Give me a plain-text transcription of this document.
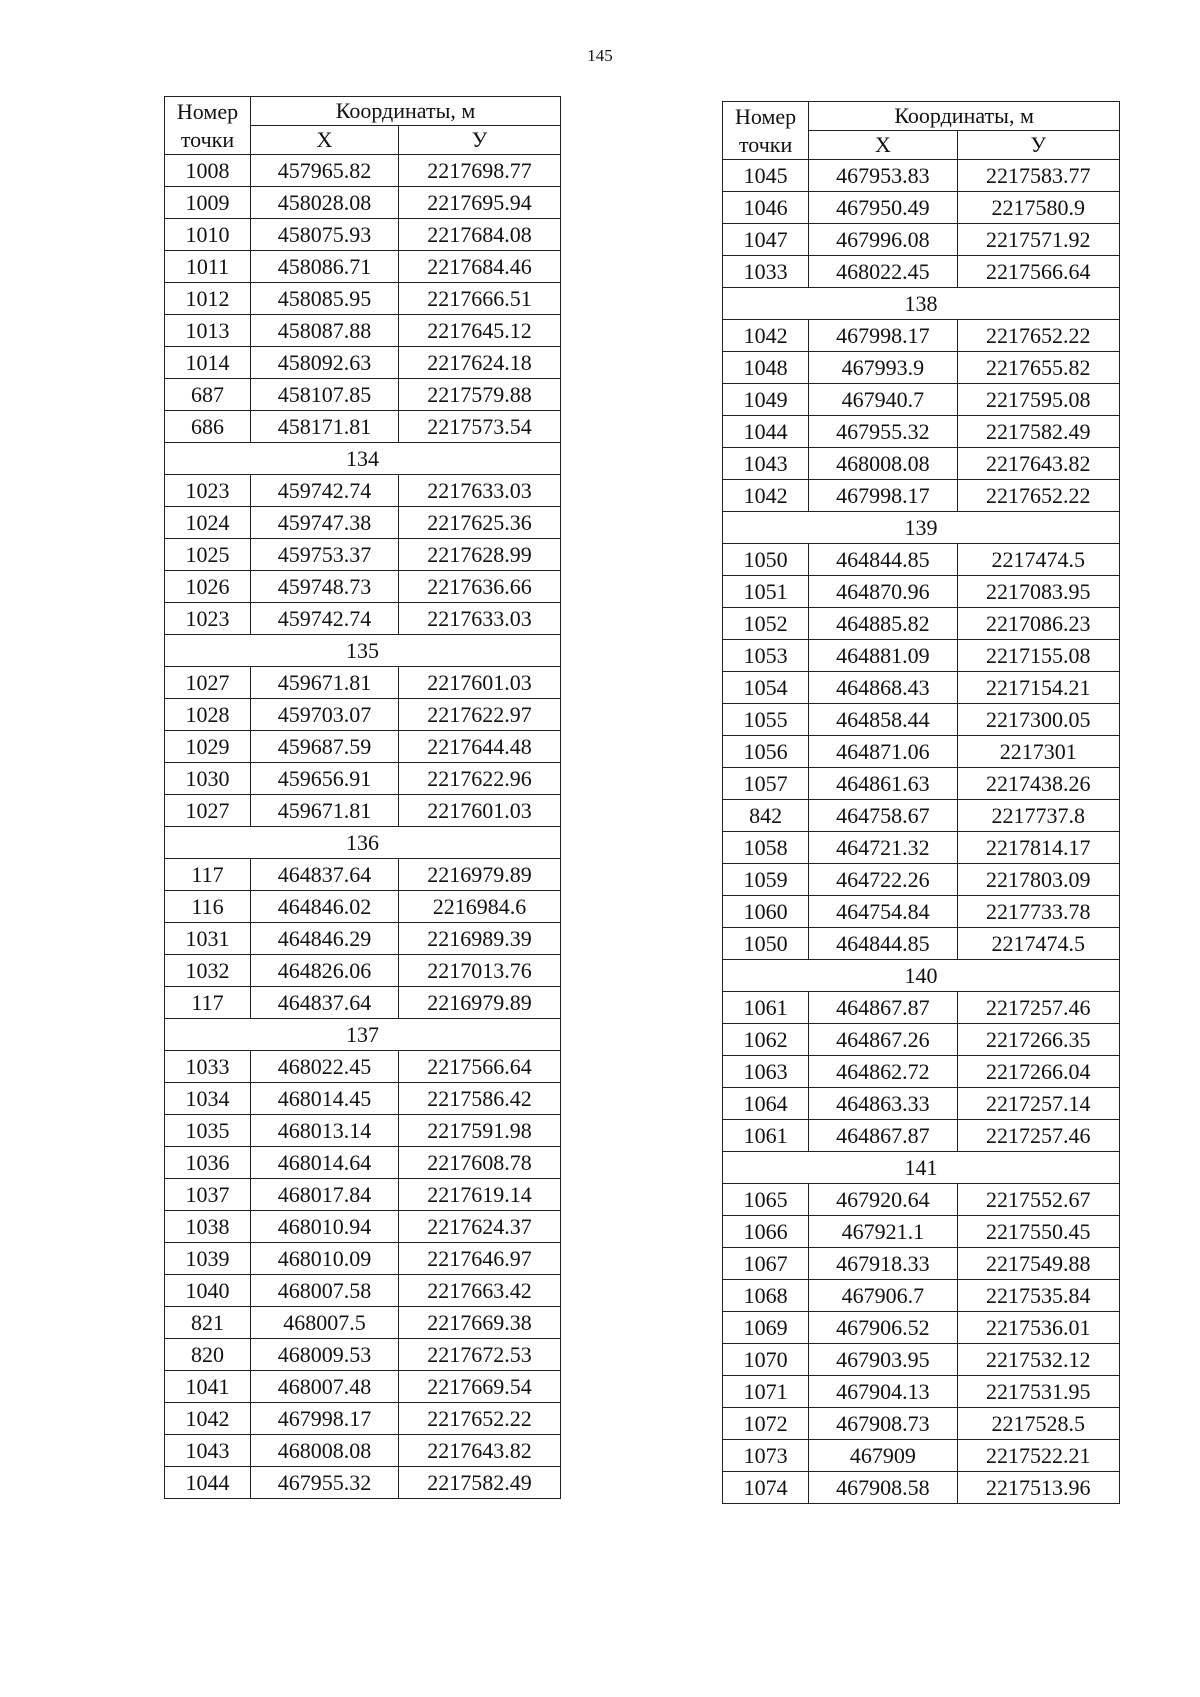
145
Номер
точки	Координаты, м	
	Х	У
1008	457965.82	2217698.77
1009	458028.08	2217695.94
1010	458075.93	2217684.08
1011	458086.71	2217684.46
1012	458085.95	2217666.51
1013	458087.88	2217645.12
1014	458092.63	2217624.18
687	458107.85	2217579.88
686	458171.81	2217573.54
134		
1023	459742.74	2217633.03
1024	459747.38	2217625.36
1025	459753.37	2217628.99
1026	459748.73	2217636.66
1023	459742.74	2217633.03
135		
1027	459671.81	2217601.03
1028	459703.07	2217622.97
1029	459687.59	2217644.48
1030	459656.91	2217622.96
1027	459671.81	2217601.03
136		
117	464837.64	2216979.89
116	464846.02	2216984.6
1031	464846.29	2216989.39
1032	464826.06	2217013.76
117	464837.64	2216979.89
137		
1033	468022.45	2217566.64
1034	468014.45	2217586.42
1035	468013.14	2217591.98
1036	468014.64	2217608.78
1037	468017.84	2217619.14
1038	468010.94	2217624.37
1039	468010.09	2217646.97
1040	468007.58	2217663.42
821	468007.5	2217669.38
820	468009.53	2217672.53
1041	468007.48	2217669.54
1042	467998.17	2217652.22
1043	468008.08	2217643.82
1044	467955.32	2217582.49
Номер
точки	Координаты, м	
	Х	У
1045	467953.83	2217583.77
1046	467950.49	2217580.9
1047	467996.08	2217571.92
1033	468022.45	2217566.64
138		
1042	467998.17	2217652.22
1048	467993.9	2217655.82
1049	467940.7	2217595.08
1044	467955.32	2217582.49
1043	468008.08	2217643.82
1042	467998.17	2217652.22
139		
1050	464844.85	2217474.5
1051	464870.96	2217083.95
1052	464885.82	2217086.23
1053	464881.09	2217155.08
1054	464868.43	2217154.21
1055	464858.44	2217300.05
1056	464871.06	2217301
1057	464861.63	2217438.26
842	464758.67	2217737.8
1058	464721.32	2217814.17
1059	464722.26	2217803.09
1060	464754.84	2217733.78
1050	464844.85	2217474.5
140		
1061	464867.87	2217257.46
1062	464867.26	2217266.35
1063	464862.72	2217266.04
1064	464863.33	2217257.14
1061	464867.87	2217257.46
141		
1065	467920.64	2217552.67
1066	467921.1	2217550.45
1067	467918.33	2217549.88
1068	467906.7	2217535.84
1069	467906.52	2217536.01
1070	467903.95	2217532.12
1071	467904.13	2217531.95
1072	467908.73	2217528.5
1073	467909	2217522.21
1074	467908.58	2217513.96
